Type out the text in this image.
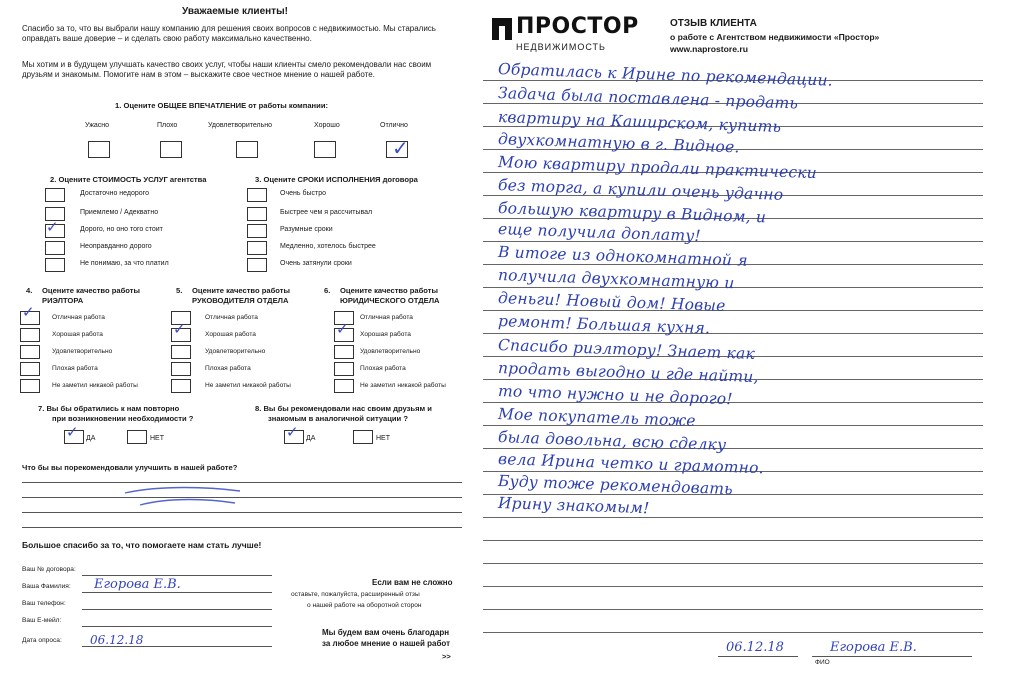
Уважаемые клиенты!
Спасибо за то, что вы выбрали нашу компанию для решения своих вопросов с недвижимостью. Мы старались оправдать ваше доверие – и сделать свою работу максимально качественно.
Мы хотим и в будущем улучшать качество своих услуг, чтобы наши клиенты смело рекомендовали нас своим друзьям и знакомым. Помогите нам в этом – выскажите свое честное мнение о нашей работе.
1. Оцените ОБЩЕЕ ВПЕЧАТЛЕНИЕ от работы компании:
Ужасно	Плохо	Удовлетворительно	Хорошо	Отлично
✓
2. Оцените СТОИМОСТЬ УСЛУГ агентства
Достаточно недорого
Приемлемо / Адекватно
✓	Дорого, но оно того стоит
Неоправданно дорого
Не понимаю, за что платил
3. Оцените СРОКИ ИСПОЛНЕНИЯ договора
Очень быстро
Быстрее чем я рассчитывал
Разумные сроки
Медленно, хотелось быстрее
Очень затянули сроки
4. Оцените качество работы
РИЭЛТОРА
5. Оцените качество работы
РУКОВОДИТЕЛЯ ОТДЕЛА
6. Оцените качество работы
ЮРИДИЧЕСКОГО ОТДЕЛА
✓	Отличная работа
Хорошая работа
Удовлетворительно
Плохая работа
Не заметил никакой работы
Отличная работа
✓	Хорошая работа
Удовлетворительно
Плохая работа
Не заметил никакой работы
Отличная работа
✓ Хорошая работа
Удовлетворительно
Плохая работа
Не заметил никакой работы
7. Вы бы обратились к нам повторно
при возникновении необходимости ?
✓ ДА	НЕТ
8. Вы бы рекомендовали нас своим друзьям и
знакомым в аналогичной ситуации ?
✓ ДА	НЕТ
Что бы вы порекомендовали улучшить в нашей работе?
Большое спасибо за то, что помогаете нам стать лучше!
Ваш № договора:
Ваша Фамилия: Егорова Е.В.
Ваш телефон:
Ваш Е-мейл:
Дата опроса: 06.12.18
Если вам не сложно
оставьте, пожалуйста, расширенный отзы
о нашей работе на оборотной сторон
Мы будем вам очень благодарн
за любое мнение о нашей работ
>>
ПРОСТОР
НЕДВИЖИМОСТЬ
ОТЗЫВ КЛИЕНТА
о работе с Агентством недвижимости «Простор»
www.naprostore.ru
Обратилась к Ирине по рекомендации.
Задача была поставлена - продать
квартиру на Каширском, купить
двухкомнатную в г. Видное.
Мою квартиру продали практически
без торга, а купили очень удачно
большую квартиру в Видном, и
еще получила доплату!
В итоге из однокомнатной я
получила двухкомнатную и
деньги! Новый дом! Новые
ремонт! Большая кухня.
Спасибо риэлтору! Знает как
продать выгодно и где найти,
то что нужно и не дорого!
Мое покупатель тоже
была довольна, всю сделку
вела Ирина четко и грамотно.
Буду тоже рекомендовать
Ирину знакомым!
06.12.18	Егорова Е.В.
ФИО
